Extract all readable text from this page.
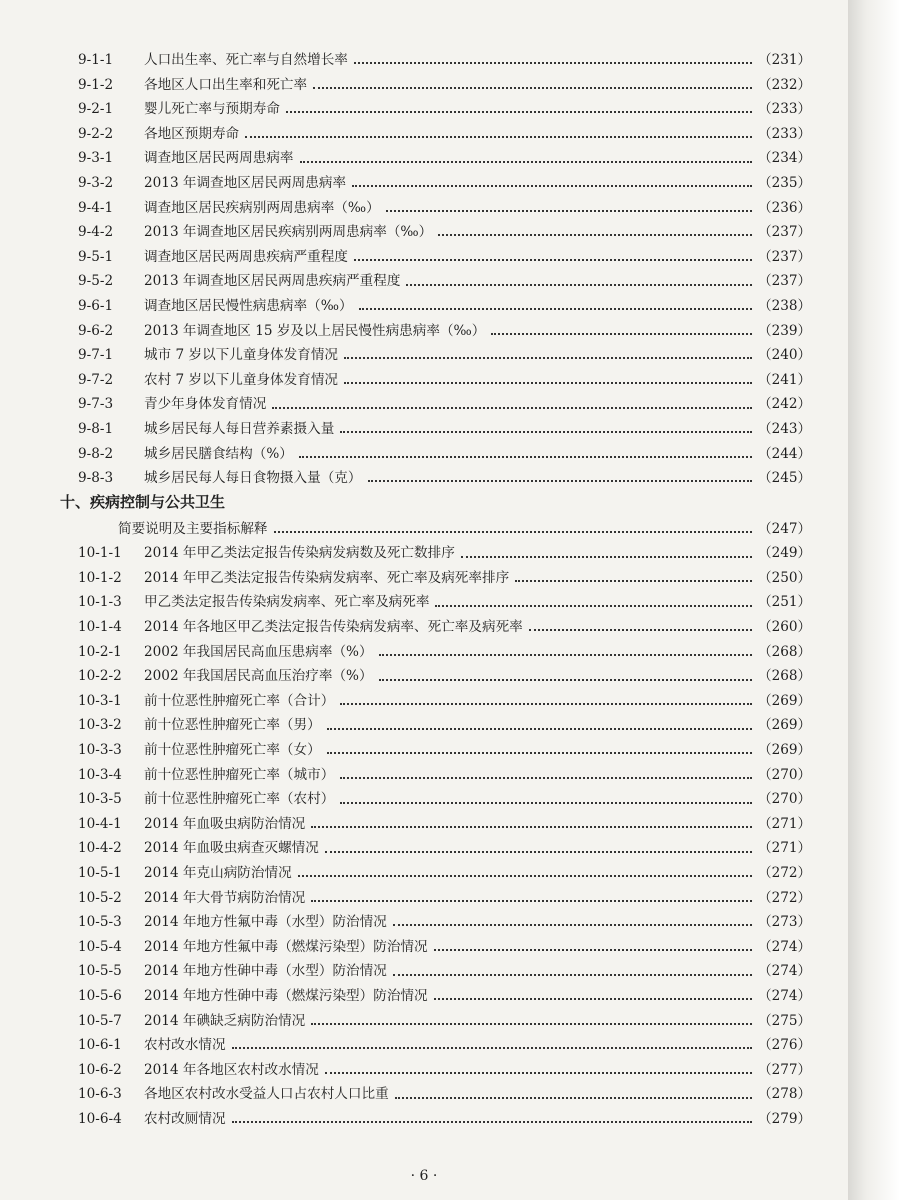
9-1-1	人口出生率、死亡率与自然增长率	（231）
9-1-2	各地区人口出生率和死亡率	（232）
9-2-1	婴儿死亡率与预期寿命	（233）
9-2-2	各地区预期寿命	（233）
9-3-1	调查地区居民两周患病率	（234）
9-3-2	2013 年调查地区居民两周患病率	（235）
9-4-1	调查地区居民疾病别两周患病率（‰）	（236）
9-4-2	2013 年调查地区居民疾病别两周患病率（‰）	（237）
9-5-1	调查地区居民两周患疾病严重程度	（237）
9-5-2	2013 年调查地区居民两周患疾病严重程度	（237）
9-6-1	调查地区居民慢性病患病率（‰）	（238）
9-6-2	2013 年调查地区 15 岁及以上居民慢性病患病率（‰）	（239）
9-7-1	城市 7 岁以下儿童身体发育情况	（240）
9-7-2	农村 7 岁以下儿童身体发育情况	（241）
9-7-3	青少年身体发育情况	（242）
9-8-1	城乡居民每人每日营养素摄入量	（243）
9-8-2	城乡居民膳食结构（%）	（244）
9-8-3	城乡居民每人每日食物摄入量（克）	（245）
十、疾病控制与公共卫生
简要说明及主要指标解释	（247）
10-1-1	2014 年甲乙类法定报告传染病发病数及死亡数排序	（249）
10-1-2	2014 年甲乙类法定报告传染病发病率、死亡率及病死率排序	（250）
10-1-3	甲乙类法定报告传染病发病率、死亡率及病死率	（251）
10-1-4	2014 年各地区甲乙类法定报告传染病发病率、死亡率及病死率	（260）
10-2-1	2002 年我国居民高血压患病率（%）	（268）
10-2-2	2002 年我国居民高血压治疗率（%）	（268）
10-3-1	前十位恶性肿瘤死亡率（合计）	（269）
10-3-2	前十位恶性肿瘤死亡率（男）	（269）
10-3-3	前十位恶性肿瘤死亡率（女）	（269）
10-3-4	前十位恶性肿瘤死亡率（城市）	（270）
10-3-5	前十位恶性肿瘤死亡率（农村）	（270）
10-4-1	2014 年血吸虫病防治情况	（271）
10-4-2	2014 年血吸虫病查灭螺情况	（271）
10-5-1	2014 年克山病防治情况	（272）
10-5-2	2014 年大骨节病防治情况	（272）
10-5-3	2014 年地方性氟中毒（水型）防治情况	（273）
10-5-4	2014 年地方性氟中毒（燃煤污染型）防治情况	（274）
10-5-5	2014 年地方性砷中毒（水型）防治情况	（274）
10-5-6	2014 年地方性砷中毒（燃煤污染型）防治情况	（274）
10-5-7	2014 年碘缺乏病防治情况	（275）
10-6-1	农村改水情况	（276）
10-6-2	2014 年各地区农村改水情况	（277）
10-6-3	各地区农村改水受益人口占农村人口比重	（278）
10-6-4	农村改厕情况	（279）
· 6 ·
